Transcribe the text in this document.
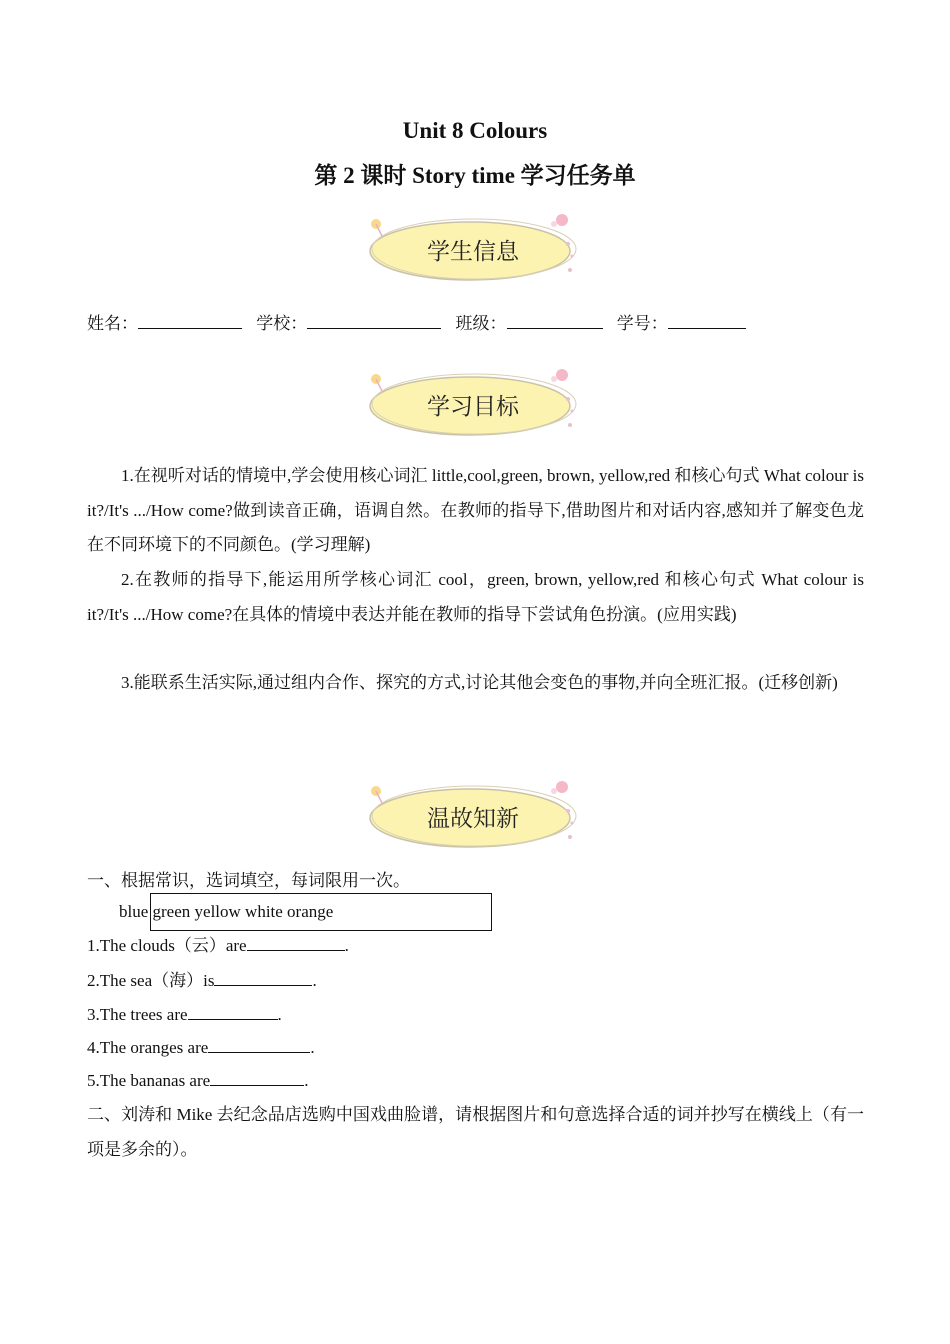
Unit 8 Colours
第 2 课时 Story time 学习任务单
学生信息
姓名：	学校：	班级：	学号：
学习目标

1.在视听对话的情境中,学会使用核心词汇 little,cool,green, brown, yellow,red 和核心句式 What colour is it?/It's .../How come?做到读音正确，语调自然。在教师的指导下,借助图片和对话内容,感知并了解变色龙在不同环境下的不同颜色。(学习理解)

2.在教师的指导下,能运用所学核心词汇 cool，green, brown, yellow,red 和核心句式 What colour is it?/It's .../How come?在具体的情境中表达并能在教师的指导下尝试角色扮演。(应用实践)

3.能联系生活实际,通过组内合作、探究的方式,讨论其他会变色的事物,并向全班汇报。(迁移创新)

温故知新

一、根据常识，选词填空，每词限用一次。

blue green yellow white orange

1.The clouds（云）are	.

2.The sea（海）is	.

3.The trees are	.

4.The oranges are	.

5.The bananas are	.

二、刘涛和 Mike 去纪念品店选购中国戏曲脸谱，请根据图片和句意选择合适的词并抄写在横线上（有一项是多余的）。
